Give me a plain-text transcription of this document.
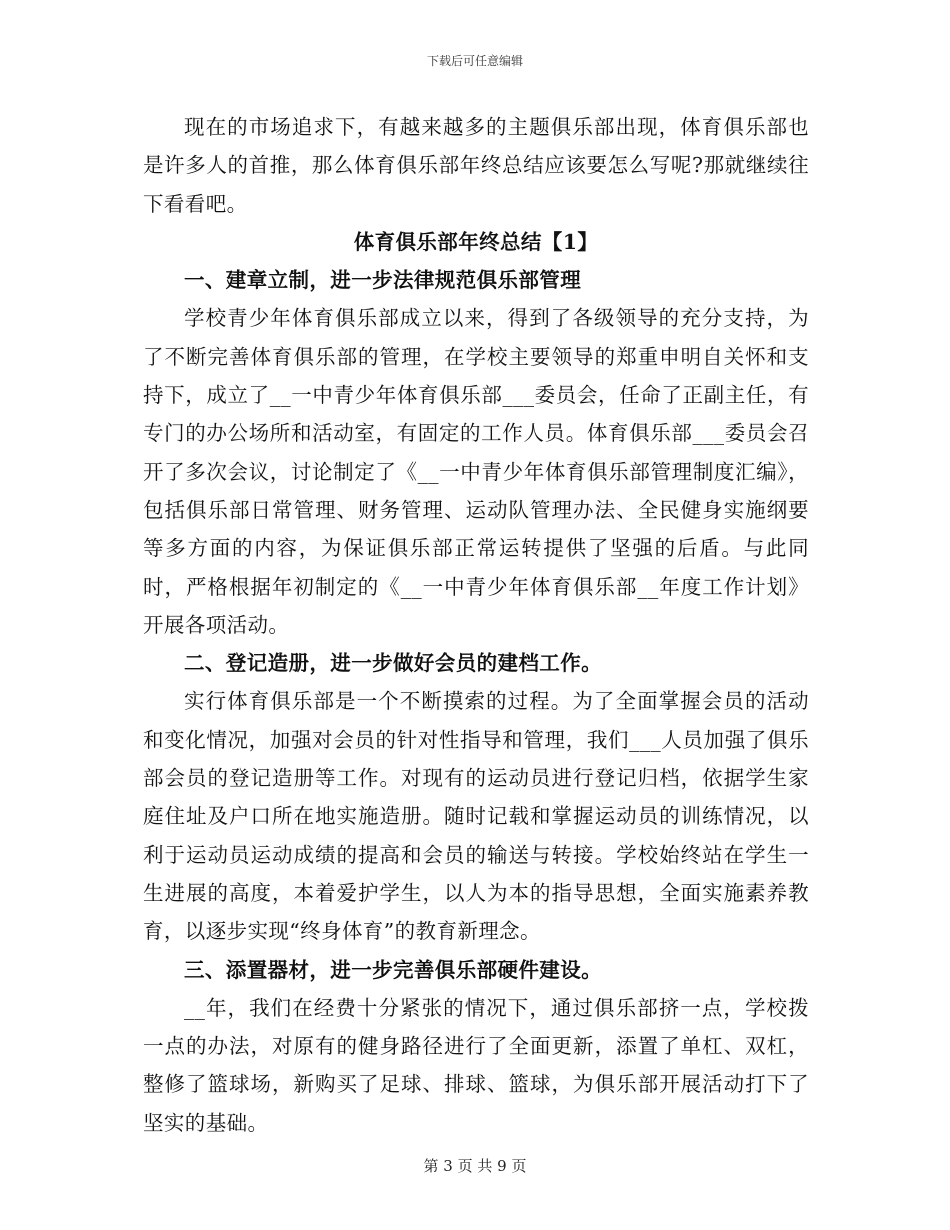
下载后可任意编辑

现在的市场追求下，有越来越多的主题俱乐部出现，体育俱乐部也是许多人的首推，那么体育俱乐部年终总结应该要怎么写呢?那就继续往下看看吧。

体育俱乐部年终总结【1】

一、建章立制，进一步法律规范俱乐部管理

学校青少年体育俱乐部成立以来，得到了各级领导的充分支持，为了不断完善体育俱乐部的管理，在学校主要领导的郑重申明自关怀和支持下，成立了__一中青少年体育俱乐部___委员会，任命了正副主任，有专门的办公场所和活动室，有固定的工作人员。体育俱乐部___委员会召开了多次会议，讨论制定了《__一中青少年体育俱乐部管理制度汇编》，包括俱乐部日常管理、财务管理、运动队管理办法、全民健身实施纲要等多方面的内容，为保证俱乐部正常运转提供了坚强的后盾。与此同时，严格根据年初制定的《__一中青少年体育俱乐部__年度工作计划》开展各项活动。

二、登记造册，进一步做好会员的建档工作。

实行体育俱乐部是一个不断摸索的过程。为了全面掌握会员的活动和变化情况，加强对会员的针对性指导和管理，我们___人员加强了俱乐部会员的登记造册等工作。对现有的运动员进行登记归档，依据学生家庭住址及户口所在地实施造册。随时记载和掌握运动员的训练情况，以利于运动员运动成绩的提高和会员的输送与转接。学校始终站在学生一生进展的高度，本着爱护学生，以人为本的指导思想，全面实施素养教育，以逐步实现“终身体育”的教育新理念。

三、添置器材，进一步完善俱乐部硬件建设。

__年，我们在经费十分紧张的情况下，通过俱乐部挤一点，学校拨一点的办法，对原有的健身路径进行了全面更新，添置了单杠、双杠，整修了篮球场，新购买了足球、排球、篮球，为俱乐部开展活动打下了坚实的基础。

第 3 页 共 9 页
